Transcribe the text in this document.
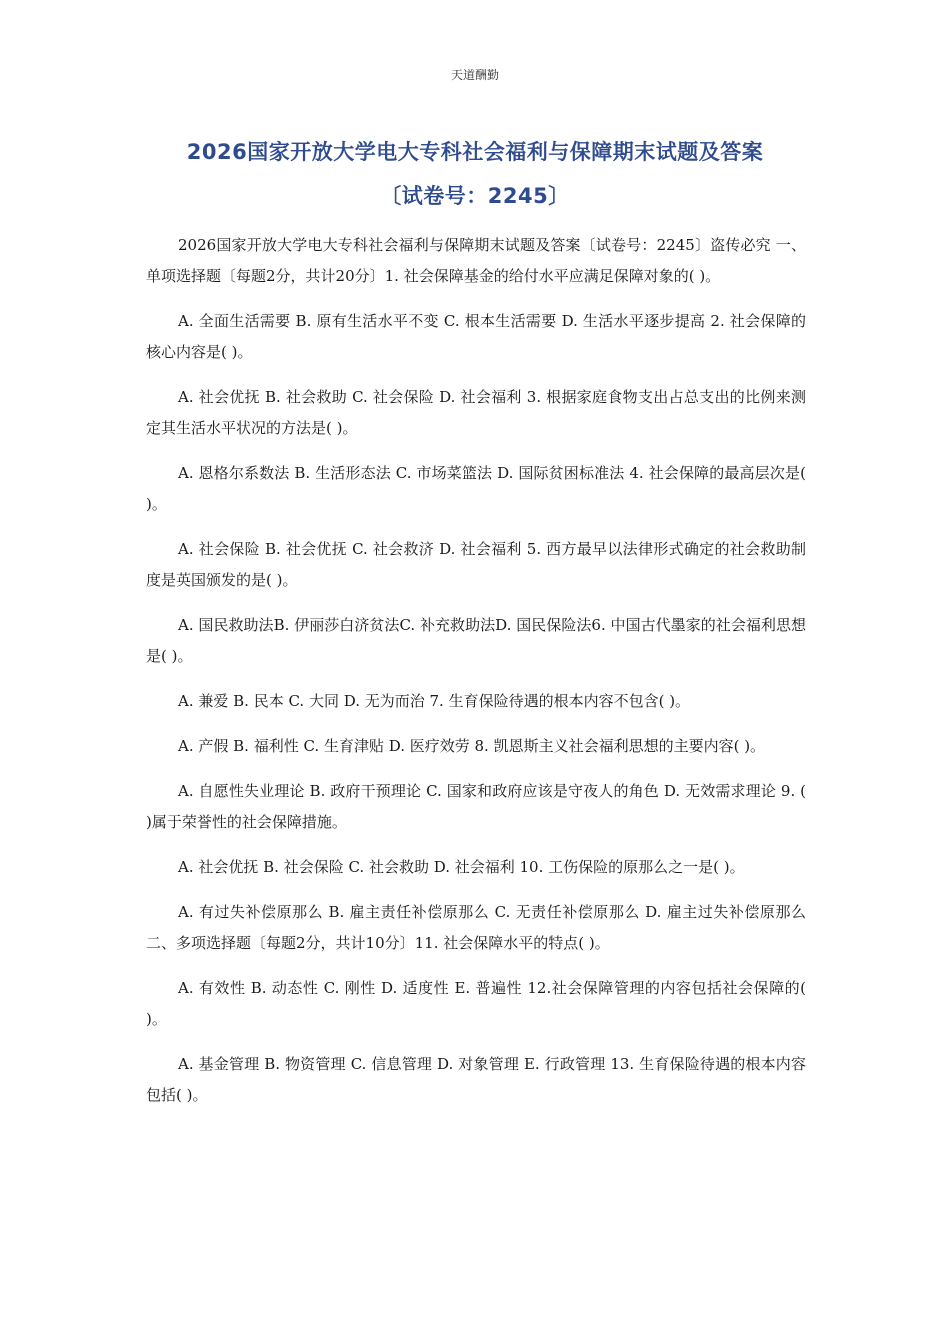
天道酬勤
2026国家开放大学电大专科社会福利与保障期末试题及答案
〔试卷号：2245〕

2026国家开放大学电大专科社会福利与保障期末试题及答案〔试卷号：2245〕盗传必究 一、单项选择题〔每题2分，共计20分〕1. 社会保障基金的给付水平应满足保障对象的( )。

A. 全面生活需要 B. 原有生活水平不变 C. 根本生活需要 D. 生活水平逐步提高 2. 社会保障的核心内容是( )。

A. 社会优抚 B. 社会救助 C. 社会保险 D. 社会福利 3. 根据家庭食物支出占总支出的比例来测定其生活水平状况的方法是( )。

A. 恩格尔系数法 B. 生活形态法 C. 市场菜篮法 D. 国际贫困标准法 4. 社会保障的最高层次是( )。

A. 社会保险 B. 社会优抚 C. 社会救济 D. 社会福利 5. 西方最早以法律形式确定的社会救助制度是英国颁发的是( )。

A. 国民救助法B. 伊丽莎白济贫法C. 补充救助法D. 国民保险法6. 中国古代墨家的社会福利思想是( )。

A. 兼爱 B. 民本 C. 大同 D. 无为而治 7. 生育保险待遇的根本内容不包含( )。

A. 产假 B. 福利性 C. 生育津贴 D. 医疗效劳 8. 凯恩斯主义社会福利思想的主要内容( )。

A. 自愿性失业理论 B. 政府干预理论 C. 国家和政府应该是守夜人的角色 D. 无效需求理论 9. ( )属于荣誉性的社会保障措施。

A. 社会优抚 B. 社会保险 C. 社会救助 D. 社会福利 10. 工伤保险的原那么之一是( )。

A. 有过失补偿原那么 B. 雇主责任补偿原那么 C. 无责任补偿原那么 D. 雇主过失补偿原那么 二、多项选择题〔每题2分，共计10分〕11. 社会保障水平的特点( )。

A. 有效性 B. 动态性 C. 刚性 D. 适度性 E. 普遍性 12.社会保障管理的内容包括社会保障的( )。

A. 基金管理 B. 物资管理 C. 信息管理 D. 对象管理 E. 行政管理 13. 生育保险待遇的根本内容包括( )。
